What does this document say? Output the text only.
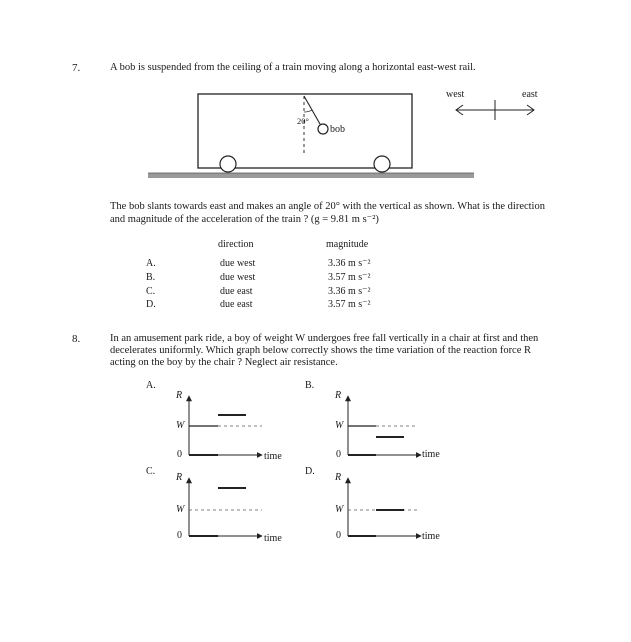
7.	A bob is suspended from the ceiling of a train moving along a horizontal east-west rail.
20°
bob
west	east
The bob slants towards east and makes an angle of 20° with the vertical as shown. What is the direction
and magnitude of the acceleration of the train ? (g = 9.81 m s⁻²)
direction	magnitude
A.	due west	3.36 m s⁻²
B.	due west	3.57 m s⁻²
C.	due east	3.36 m s⁻²
D.	due east	3.57 m s⁻²
8.	In an amusement park ride, a boy of weight W undergoes free fall vertically in a chair at first and then
decelerates uniformly. Which graph below correctly shows the time variation of the reaction force R
acting on the boy by the chair ? Neglect air resistance.
A.	B.
C.	D.
R
W
0	time
R
W
0	time
R
W
0	time
R
W
0	time
